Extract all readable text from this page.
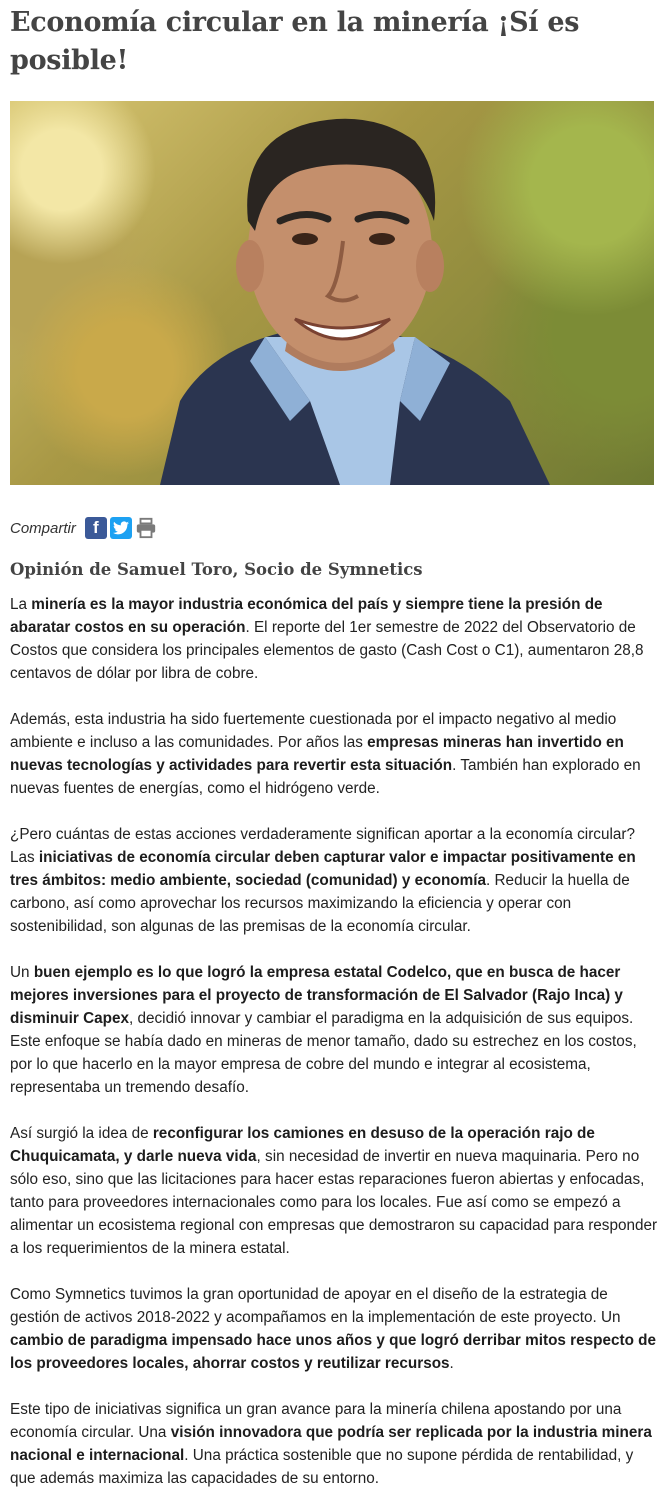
Economía circular en la minería ¡Sí es posible!
Compartir	f
Opinión de Samuel Toro, Socio de Symnetics

La minería es la mayor industria económica del país y siempre tiene la presión de abaratar costos en su operación. El reporte del 1er semestre de 2022 del Observatorio de Costos que considera los principales elementos de gasto (Cash Cost o C1), aumentaron 28,8 centavos de dólar por libra de cobre.

Además, esta industria ha sido fuertemente cuestionada por el impacto negativo al medio ambiente e incluso a las comunidades. Por años las empresas mineras han invertido en nuevas tecnologías y actividades para revertir esta situación. También han explorado en nuevas fuentes de energías, como el hidrógeno verde.

¿Pero cuántas de estas acciones verdaderamente significan aportar a la economía circular? Las iniciativas de economía circular deben capturar valor e impactar positivamente en tres ámbitos: medio ambiente, sociedad (comunidad) y economía. Reducir la huella de carbono, así como aprovechar los recursos maximizando la eficiencia y operar con sostenibilidad, son algunas de las premisas de la economía circular.

Un buen ejemplo es lo que logró la empresa estatal Codelco, que en busca de hacer mejores inversiones para el proyecto de transformación de El Salvador (Rajo Inca) y disminuir Capex, decidió innovar y cambiar el paradigma en la adquisición de sus equipos. Este enfoque se había dado en mineras de menor tamaño, dado su estrechez en los costos, por lo que hacerlo en la mayor empresa de cobre del mundo e integrar al ecosistema, representaba un tremendo desafío.

Así surgió la idea de reconfigurar los camiones en desuso de la operación rajo de Chuquicamata, y darle nueva vida, sin necesidad de invertir en nueva maquinaria. Pero no sólo eso, sino que las licitaciones para hacer estas reparaciones fueron abiertas y enfocadas, tanto para proveedores internacionales como para los locales. Fue así como se empezó a alimentar un ecosistema regional con empresas que demostraron su capacidad para responder a los requerimientos de la minera estatal.

Como Symnetics tuvimos la gran oportunidad de apoyar en el diseño de la estrategia de gestión de activos 2018-2022 y acompañamos en la implementación de este proyecto. Un cambio de paradigma impensado hace unos años y que logró derribar mitos respecto de los proveedores locales, ahorrar costos y reutilizar recursos.

Este tipo de iniciativas significa un gran avance para la minería chilena apostando por una economía circular. Una visión innovadora que podría ser replicada por la industria minera nacional e internacional. Una práctica sostenible que no supone pérdida de rentabilidad, y que además maximiza las capacidades de su entorno.
